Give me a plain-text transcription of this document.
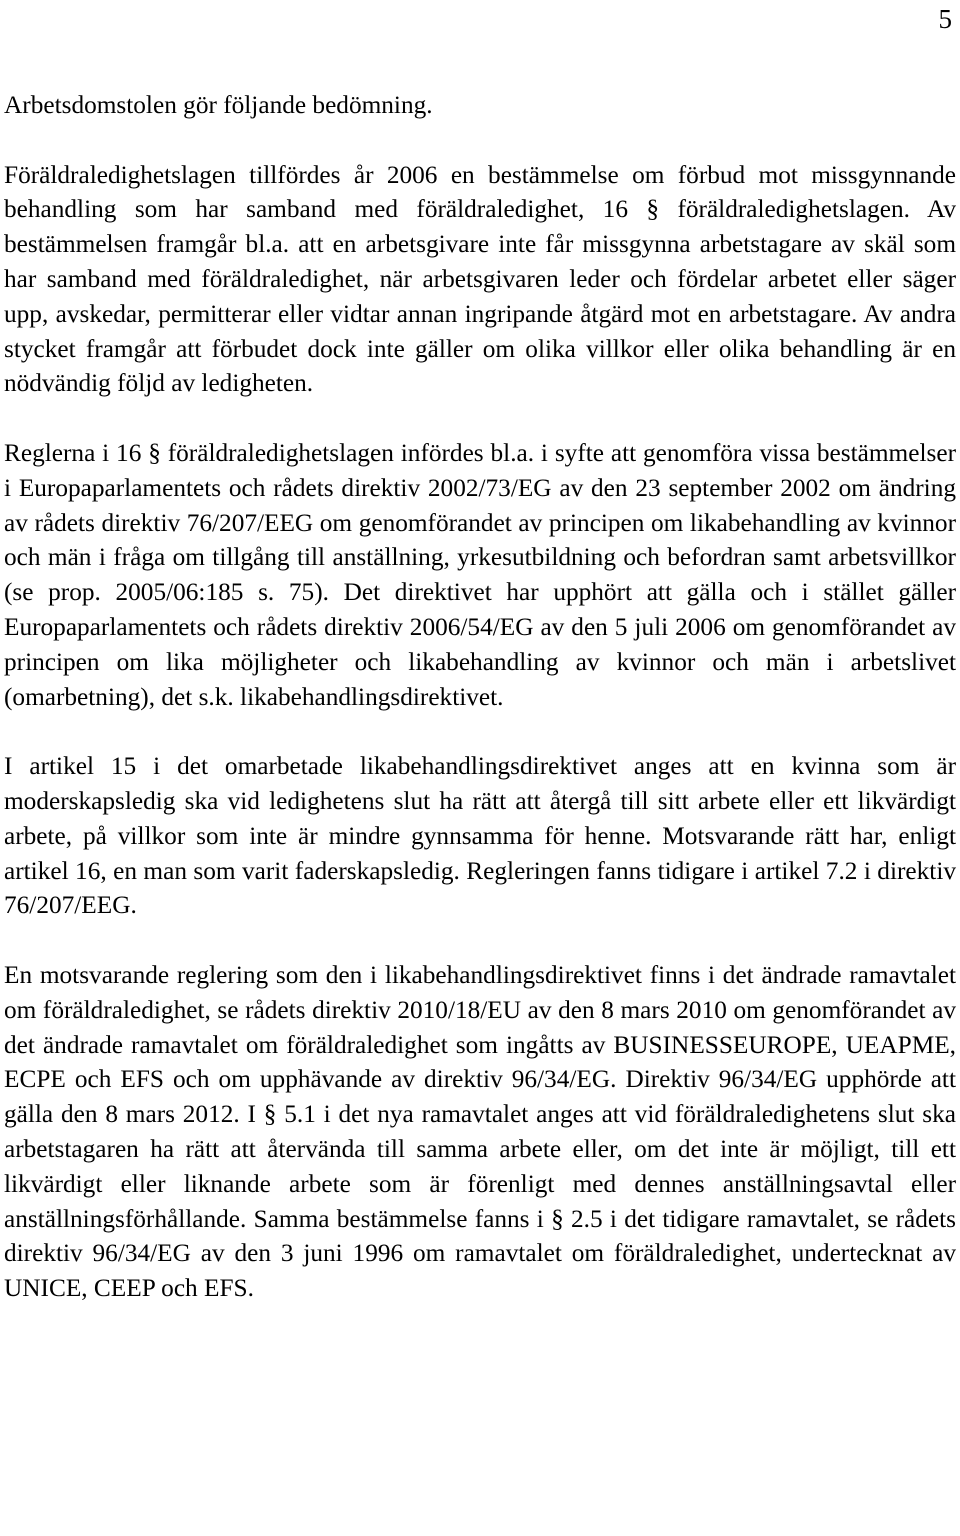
5

Arbetsdomstolen gör följande bedömning.

Föräldraledighetslagen tillfördes år 2006 en bestämmelse om förbud mot missgynnande behandling som har samband med föräldraledighet, 16 § föräldraledighetslagen. Av bestämmelsen framgår bl.a. att en arbetsgivare inte får missgynna arbetstagare av skäl som har samband med föräldraledighet, när arbetsgivaren leder och fördelar arbetet eller säger upp, avskedar, permitterar eller vidtar annan ingripande åtgärd mot en arbetstagare. Av andra stycket framgår att förbudet dock inte gäller om olika villkor eller olika behandling är en nödvändig följd av ledigheten.

Reglerna i 16 § föräldraledighetslagen infördes bl.a. i syfte att genomföra vissa bestämmelser i Europaparlamentets och rådets direktiv 2002/73/EG av den 23 september 2002 om ändring av rådets direktiv 76/207/EEG om genomförandet av principen om likabehandling av kvinnor och män i fråga om tillgång till anställning, yrkesutbildning och befordran samt arbetsvillkor (se prop. 2005/06:185 s. 75). Det direktivet har upphört att gälla och i stället gäller Europaparlamentets och rådets direktiv 2006/54/EG av den 5 juli 2006 om genomförandet av principen om lika möjligheter och likabehandling av kvinnor och män i arbetslivet (omarbetning), det s.k. likabehandlingsdirektivet.

I artikel 15 i det omarbetade likabehandlingsdirektivet anges att en kvinna som är moderskapsledig ska vid ledighetens slut ha rätt att återgå till sitt arbete eller ett likvärdigt arbete, på villkor som inte är mindre gynnsamma för henne. Motsvarande rätt har, enligt artikel 16, en man som varit faderskapsledig. Regleringen fanns tidigare i artikel 7.2 i direktiv 76/207/EEG.

En motsvarande reglering som den i likabehandlingsdirektivet finns i det ändrade ramavtalet om föräldraledighet, se rådets direktiv 2010/18/EU av den 8 mars 2010 om genomförandet av det ändrade ramavtalet om föräldraledighet som ingåtts av BUSINESSEUROPE, UEAPME, ECPE och EFS och om upphävande av direktiv 96/34/EG. Direktiv 96/34/EG upphörde att gälla den 8 mars 2012. I § 5.1 i det nya ramavtalet anges att vid föräldraledighetens slut ska arbetstagaren ha rätt att återvända till samma arbete eller, om det inte är möjligt, till ett likvärdigt eller liknande arbete som är förenligt med dennes anställningsavtal eller anställningsförhållande. Samma bestämmelse fanns i § 2.5 i det tidigare ramavtalet, se rådets direktiv 96/34/EG av den 3 juni 1996 om ramavtalet om föräldraledighet, undertecknat av UNICE, CEEP och EFS.
